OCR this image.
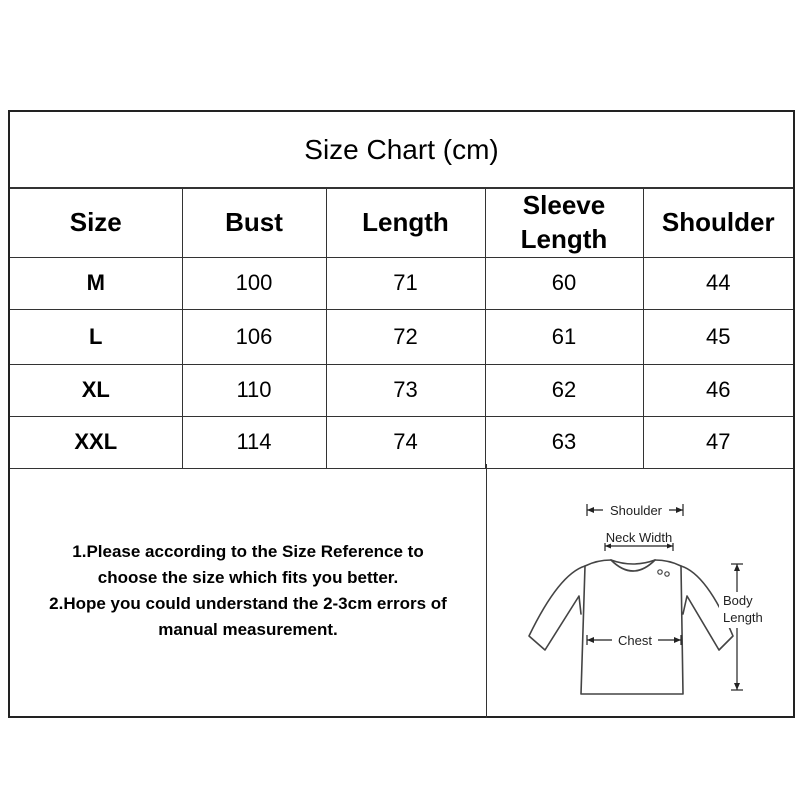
Size Chart (cm)
Size	Bust	Length	Sleeve Length	Shoulder
M	100	71	60	44
L	106	72	61	45
XL	110	73	62	46
XXL	114	74	63	47
1.Please according to the Size Reference to
choose the size which fits you better.
2.Hope you could understand the 2-3cm errors of
manual measurement.
Shoulder
Neck Width
Chest
Body
Length
